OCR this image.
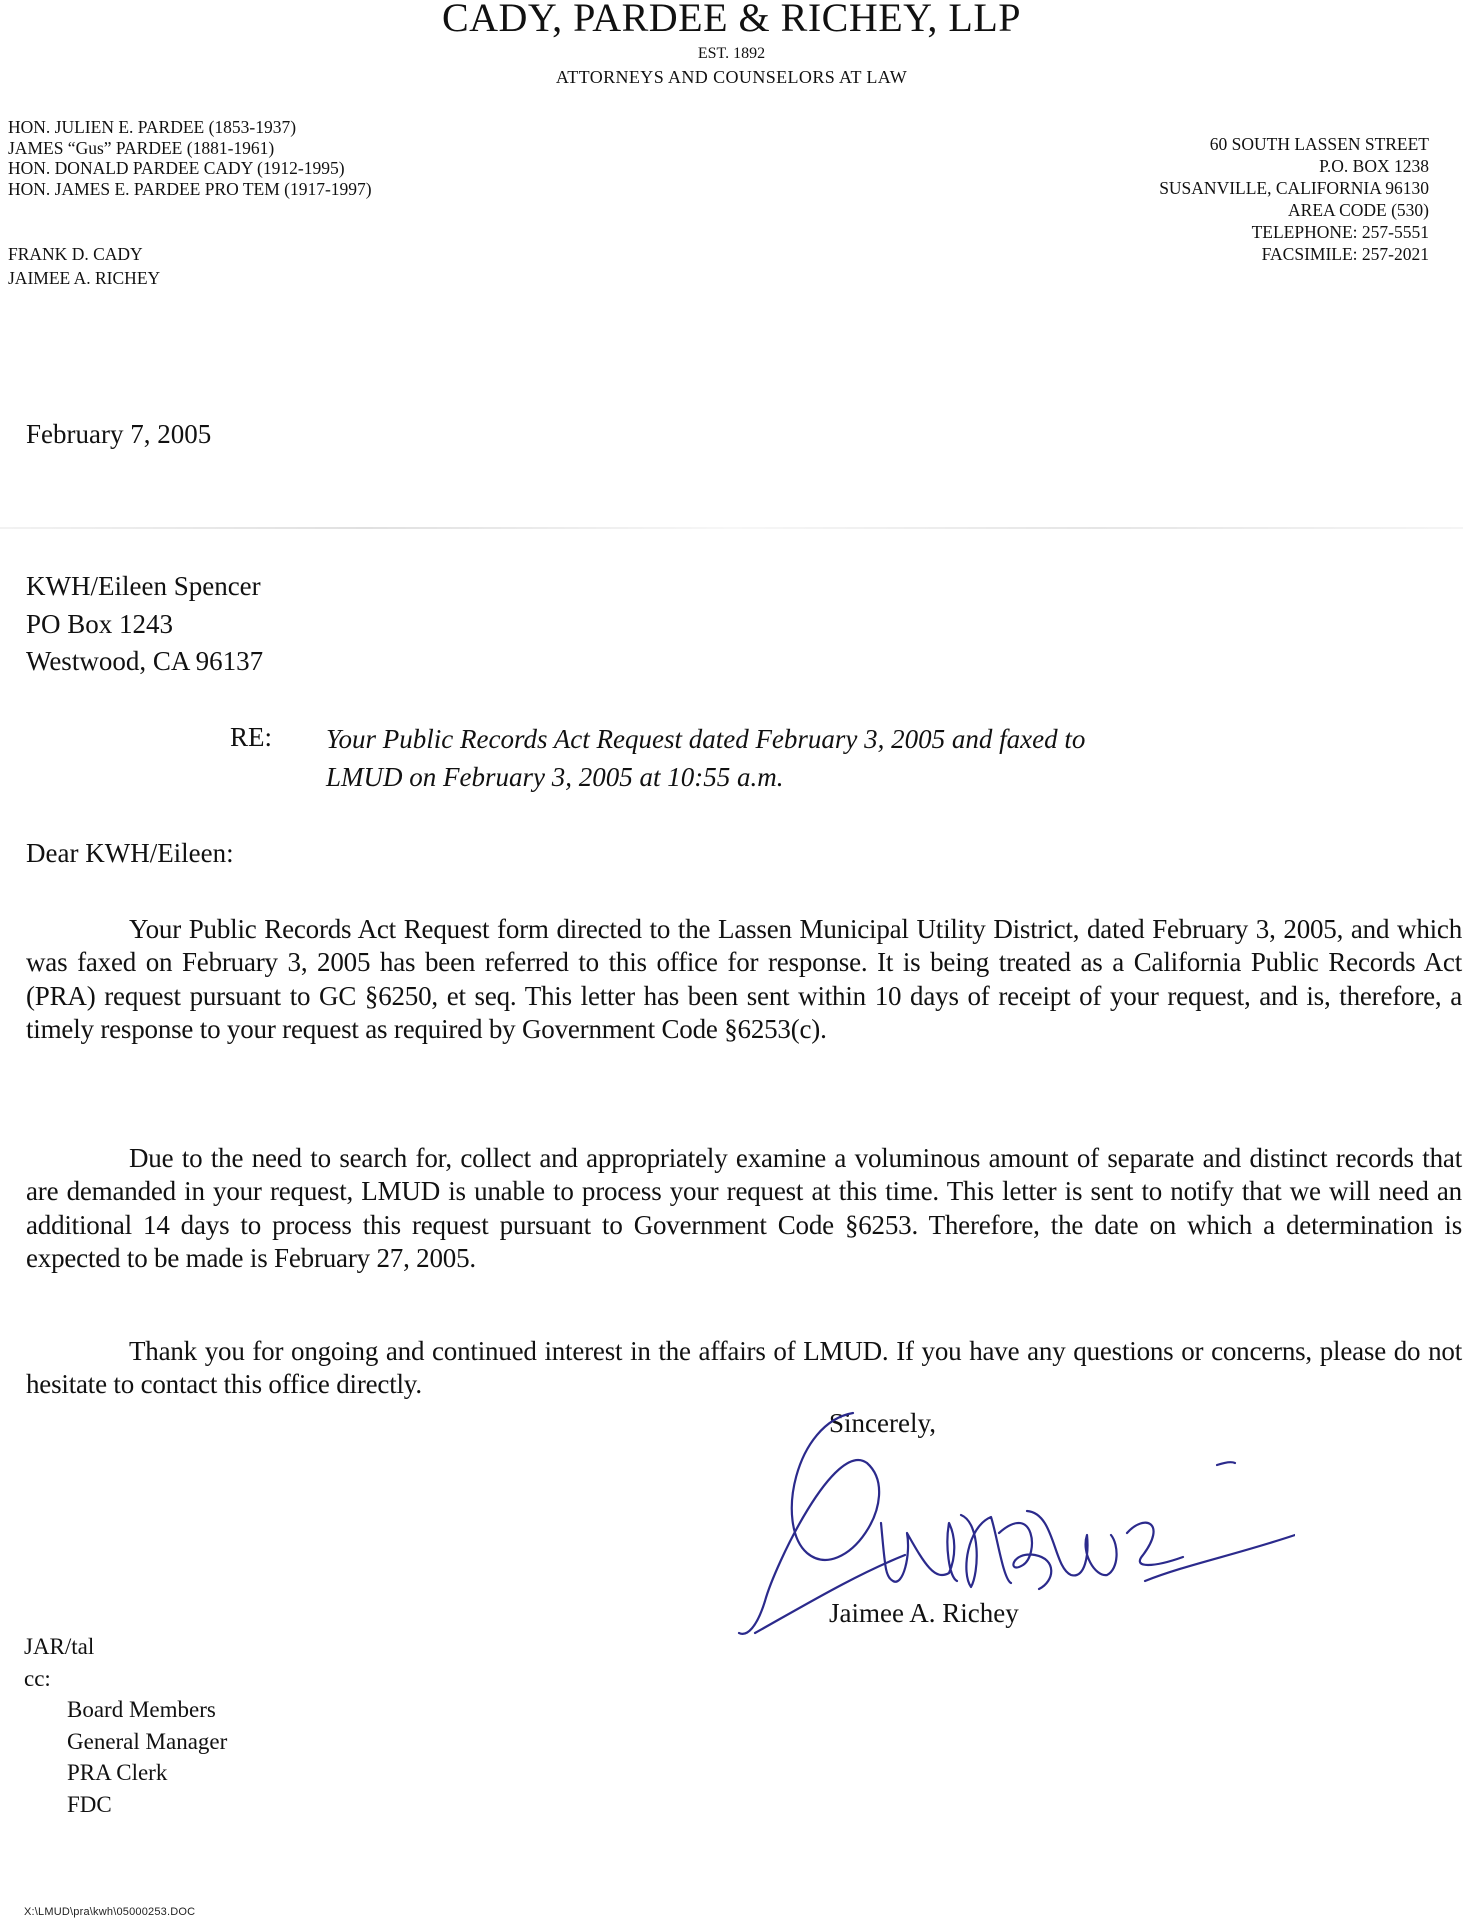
CADY, PARDEE & RICHEY, LLP
EST. 1892
ATTORNEYS AND COUNSELORS AT LAW
HON. JULIEN E. PARDEE (1853-1937)
JAMES “Gus” PARDEE (1881-1961)
HON. DONALD PARDEE CADY (1912-1995)
HON. JAMES E. PARDEE PRO TEM (1917-1997)
FRANK D. CADY
JAIMEE A. RICHEY
60 SOUTH LASSEN STREET
P.O. BOX 1238
SUSANVILLE, CALIFORNIA 96130
AREA CODE (530)
TELEPHONE: 257-5551
FACSIMILE: 257-2021
February 7, 2005
KWH/Eileen Spencer
PO Box 1243
Westwood, CA 96137
RE: Your Public Records Act Request dated February 3, 2005 and faxed to
LMUD on February 3, 2005 at 10:55 a.m.
Dear KWH/Eileen:

Your Public Records Act Request form directed to the Lassen Municipal Utility District, dated February 3, 2005, and which was faxed on February 3, 2005 has been referred to this office for response. It is being treated as a California Public Records Act (PRA) request pursuant to GC §6250, et seq. This letter has been sent within 10 days of receipt of your request, and is, therefore, a timely response to your request as required by Government Code §6253(c).

Due to the need to search for, collect and appropriately examine a voluminous amount of separate and distinct records that are demanded in your request, LMUD is unable to process your request at this time. This letter is sent to notify that we will need an additional 14 days to process this request pursuant to Government Code §6253. Therefore, the date on which a determination is expected to be made is February 27, 2005.

Thank you for ongoing and continued interest in the affairs of LMUD. If you have any questions or concerns, please do not hesitate to contact this office directly.

Sincerely,
Jaimee A. Richey
JAR/tal
cc:
Board Members
General Manager
PRA Clerk
FDC
X:\LMUD\pra\kwh\05000253.DOC
